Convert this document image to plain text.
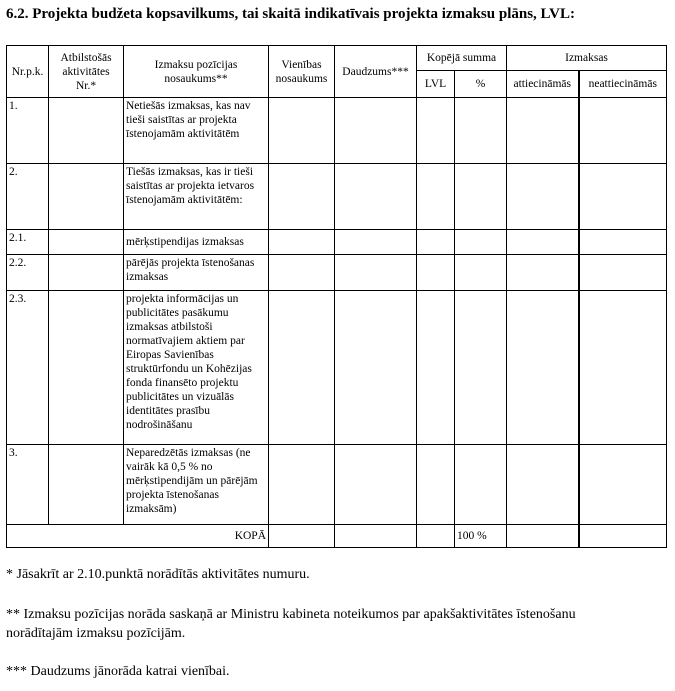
6.2. Projekta budžeta kopsavilkums, tai skaitā indikatīvais projekta izmaksu plāns, LVL:
Nr.p.k.	Atbilstošās aktivitātes Nr.*	Izmaksu pozīcijas nosaukums**	Vienības nosaukums	Daudzums***	Kopējā summa		Izmaksas	
					LVL	%	attiecināmās	neattiecināmās
1.		Netiešās izmaksas, kas nav tieši saistītas ar projekta īstenojamām aktivitātēm						
2.		Tiešās izmaksas, kas ir tieši saistītas ar projekta ietvaros īstenojamām aktivitātēm:						
2.1.		mērķstipendijas izmaksas						
2.2.		pārējās projekta īstenošanas izmaksas						
2.3.		projekta informācijas un publicitātes pasākumu izmaksas atbilstoši normatīvajiem aktiem par Eiropas Savienības struktūrfondu un Kohēzijas fonda finansēto projektu publicitātes un vizuālās identitātes prasību nodrošināšanu						
3.		Neparedzētās izmaksas (ne vairāk kā 0,5 % no mērķstipendijām un pārējām projekta īstenošanas izmaksām)						
KOPĀ						100 %		
* Jāsakrīt ar 2.10.punktā norādītās aktivitātes numuru.
** Izmaksu pozīcijas norāda saskaņā ar Ministru kabineta noteikumos par apakšaktivitātes īstenošanu
norādītajām izmaksu pozīcijām.
*** Daudzums jānorāda katrai vienībai.
